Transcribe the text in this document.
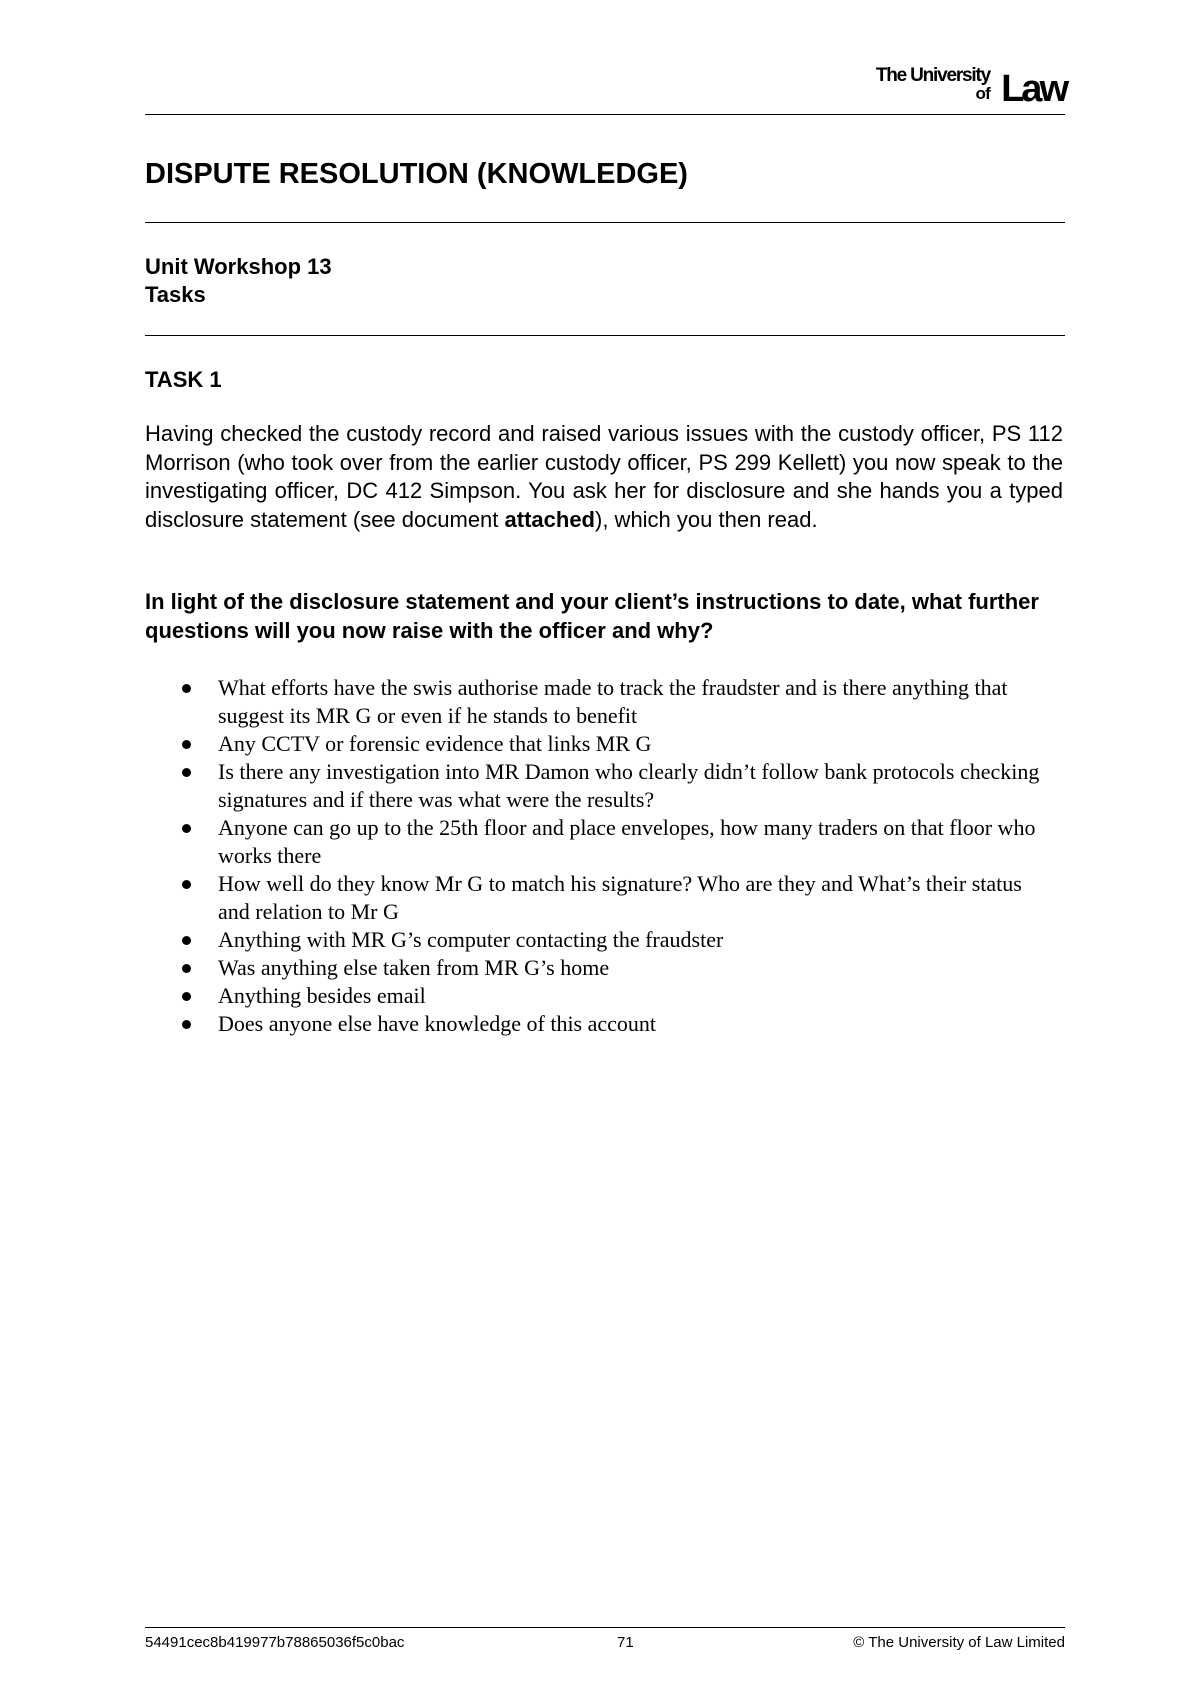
The University
of Law
DISPUTE RESOLUTION (KNOWLEDGE)
Unit Workshop 13
Tasks
TASK 1
Having checked the custody record and raised various issues with the custody officer, PS 112 Morrison (who took over from the earlier custody officer, PS 299 Kellett) you now speak to the investigating officer, DC 412 Simpson. You ask her for disclosure and she hands you a typed disclosure statement (see document attached), which you then read.
In light of the disclosure statement and your client’s instructions to date, what further questions will you now raise with the officer and why?
What efforts have the swis authorise made to track the fraudster and is there anything that suggest its MR G or even if he stands to benefit
Any CCTV or forensic evidence that links MR G
Is there any investigation into MR Damon who clearly didn’t follow bank protocols checking signatures and if there was what were the results?
Anyone can go up to the 25th floor and place envelopes, how many traders on that floor who works there
How well do they know Mr G to match his signature? Who are they and What’s their status and relation to Mr G
Anything with MR G’s computer contacting the fraudster
Was anything else taken from MR G’s home
Anything besides email
Does anyone else have knowledge of this account
54491cec8b419977b78865036f5c0bac	71	© The University of Law Limited
